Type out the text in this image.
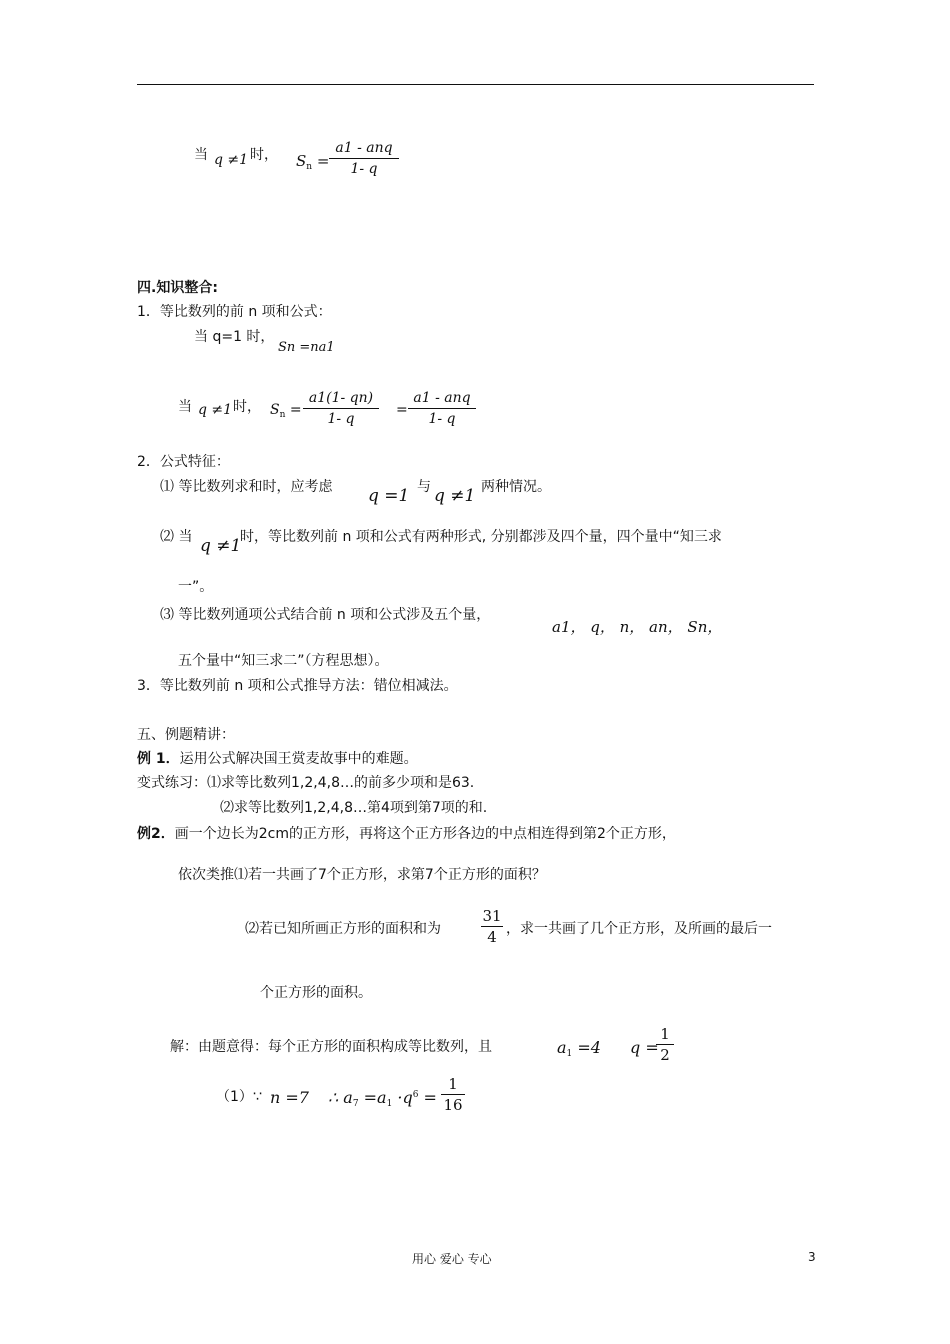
当 q ≠1 时， $S_n$ =
a1 - anq
1- q
四.知识整合:
1．等比数列的前 n 项和公式：
当 q=1 时，
Sn =na1
当 q ≠1 时， $S_n$ =
a1(1- qn)
1- q
=
a1 - anq
1- q
2．公式特征：
⑴ 等比数列求和时，应考虑 q =1 与 q ≠1 两种情况。
⑵ 当 q ≠1
时，等比数列前 n 项和公式有两种形式, 分别都涉及四个量，四个量中“知三求
一”。
⑶ 等比数列通项公式结合前 n 项和公式涉及五个量，
a1， q， n， an， Sn，
五个量中“知三求二”（方程思想）。
3．等比数列前 n 项和公式推导方法：错位相减法。
五、例题精讲：
例 1．运用公式解决国王赏麦故事中的难题。
变式练习：⑴求等比数列1,2,4,8…的前多少项和是63.
⑵求等比数列1,2,4,8…第4项到第7项的和.
例2．画一个边长为2cm的正方形，再将这个正方形各边的中点相连得到第2个正方形，
依次类推⑴若一共画了7个正方形，求第7个正方形的面积？
⑵若已知所画正方形的面积和为
31
4 ，求一共画了几个正方形，及所画的最后一
个正方形的面积。
解：由题意得：每个正方形的面积构成等比数列，且	$a_1 =4$ q =
1
2
（1）∵ n =7 ∴ $a_7 =a_1 \cdot q^6$ =
1
16
用心 爱心 专心	3
